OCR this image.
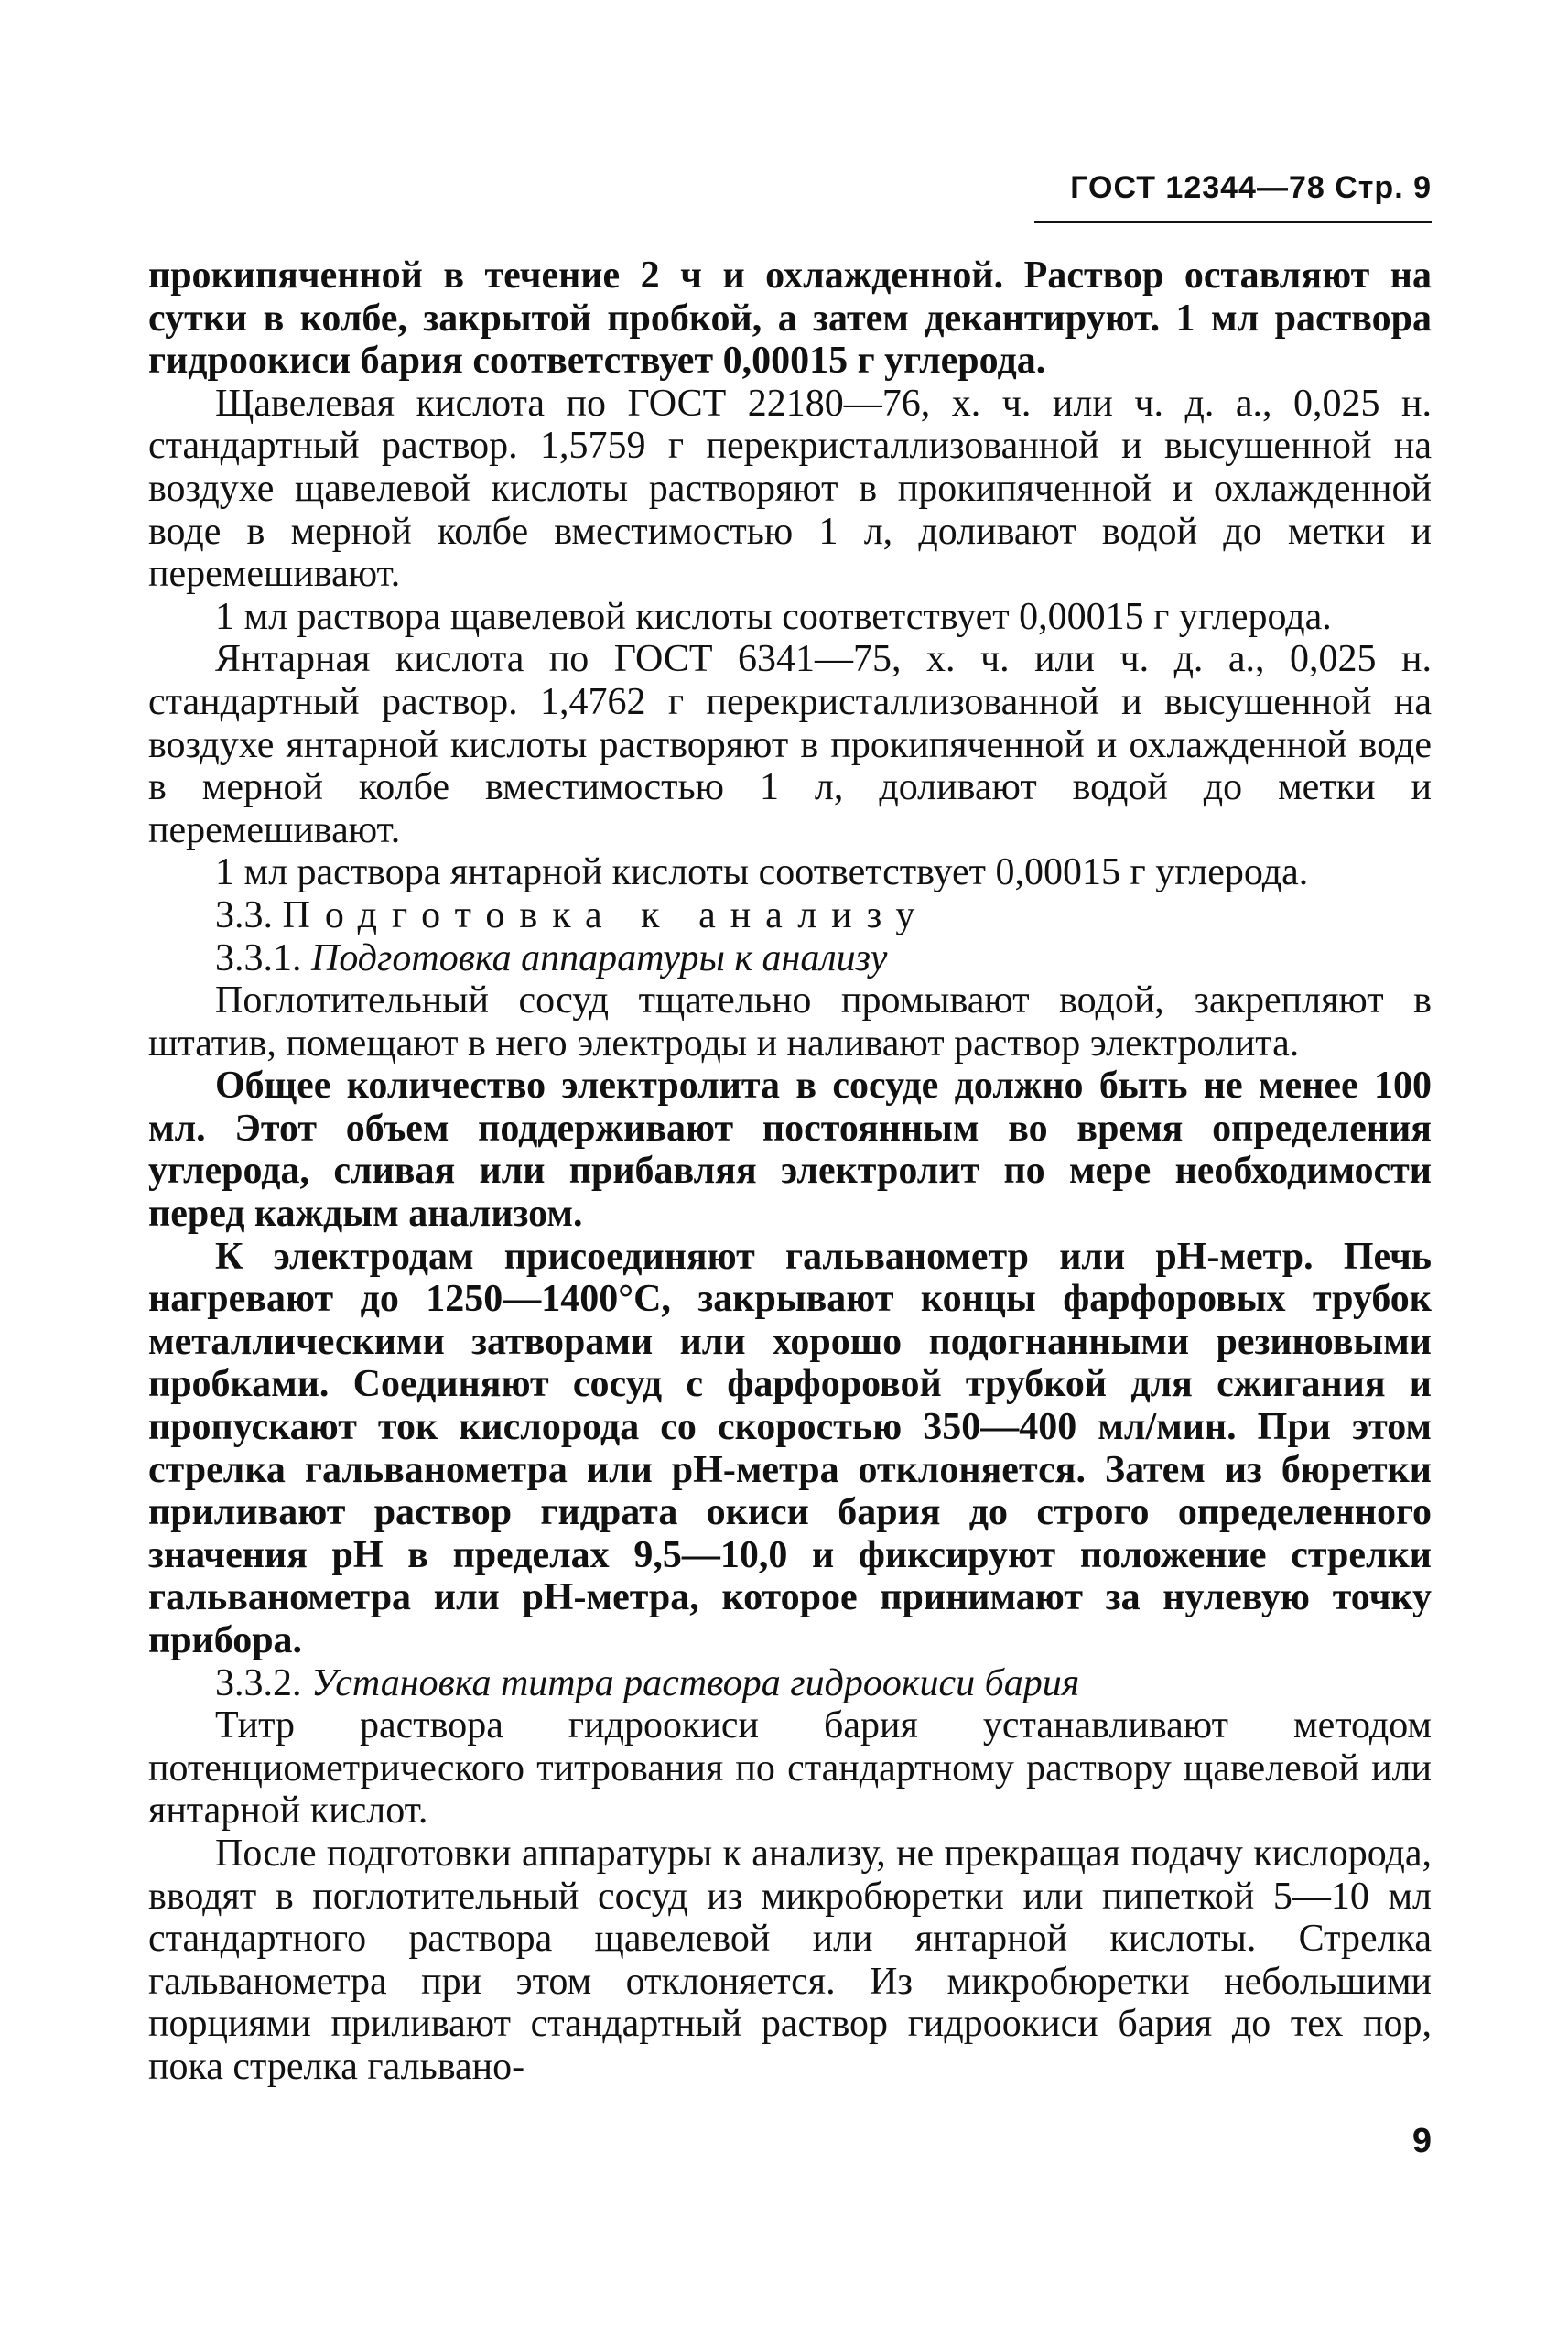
ГОСТ 12344—78 Стр. 9

прокипяченной в течение 2 ч и охлажденной. Раствор оставляют на сутки в колбе, закрытой пробкой, а затем декантируют. 1 мл раствора гидроокиси бария соответствует 0,00015 г углерода.

Щавелевая кислота по ГОСТ 22180—76, х. ч. или ч. д. а., 0,025 н. стандартный раствор. 1,5759 г перекристаллизованной и высушенной на воздухе щавелевой кислоты растворяют в прокипяченной и охлажденной воде в мерной колбе вместимостью 1 л, доливают водой до метки и перемешивают.

1 мл раствора щавелевой кислоты соответствует 0,00015 г углерода.

Янтарная кислота по ГОСТ 6341—75, х. ч. или ч. д. а., 0,025 н. стандартный раствор. 1,4762 г перекристаллизованной и высушенной на воздухе янтарной кислоты растворяют в прокипяченной и охлажденной воде в мерной колбе вместимостью 1 л, доливают водой до метки и перемешивают.

1 мл раствора янтарной кислоты соответствует 0,00015 г углерода.

3.3. Подготовка к анализу

3.3.1. Подготовка аппаратуры к анализу

Поглотительный сосуд тщательно промывают водой, закрепляют в штатив, помещают в него электроды и наливают раствор электролита.

Общее количество электролита в сосуде должно быть не менее 100 мл. Этот объем поддерживают постоянным во время определения углерода, сливая или прибавляя электролит по мере необходимости перед каждым анализом.

К электродам присоединяют гальванометр или рН-метр. Печь нагревают до 1250—1400°С, закрывают концы фарфоровых трубок металлическими затворами или хорошо подогнанными резиновыми пробками. Соединяют сосуд с фарфоровой трубкой для сжигания и пропускают ток кислорода со скоростью 350—400 мл/мин. При этом стрелка гальванометра или рН-метра отклоняется. Затем из бюретки приливают раствор гидрата окиси бария до строго определенного значения рН в пределах 9,5—10,0 и фиксируют положение стрелки гальванометра или рН-метра, которое принимают за нулевую точку прибора.

3.3.2. Установка титра раствора гидроокиси бария

Титр раствора гидроокиси бария устанавливают методом потенциометрического титрования по стандартному раствору щавелевой или янтарной кислот.

После подготовки аппаратуры к анализу, не прекращая подачу кислорода, вводят в поглотительный сосуд из микробюретки или пипеткой 5—10 мл стандартного раствора щавелевой или янтарной кислоты. Стрелка гальванометра при этом отклоняется. Из микробюретки небольшими порциями приливают стандартный раствор гидроокиси бария до тех пор, пока стрелка гальвано-

9
